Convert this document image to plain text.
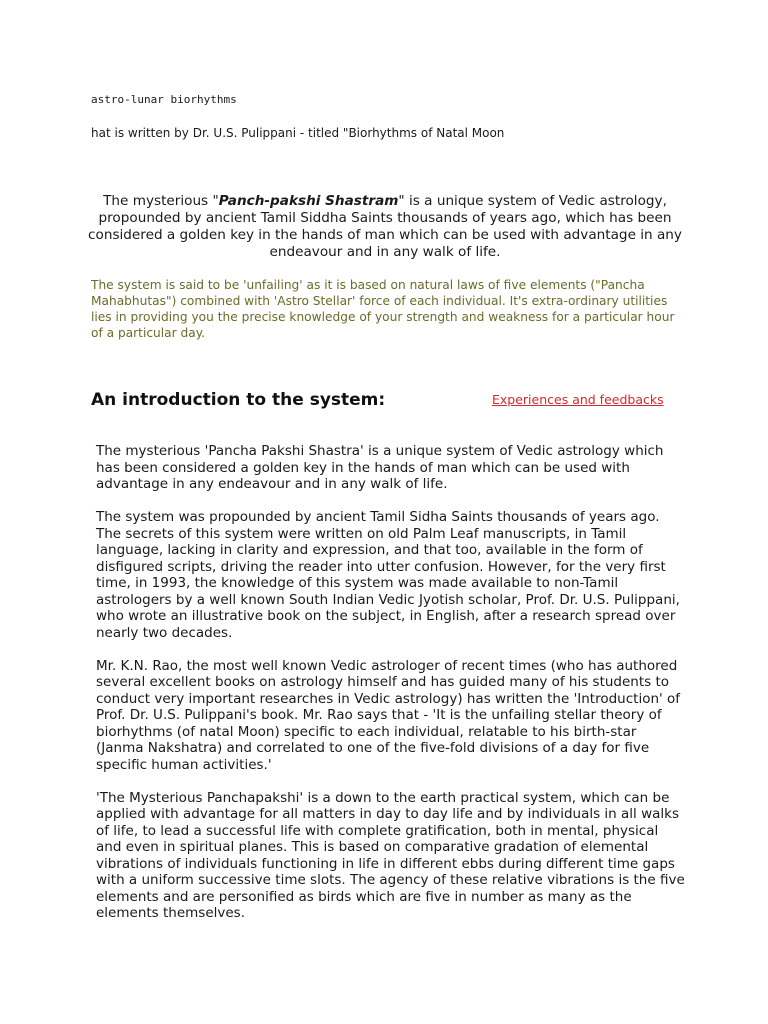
astro-lunar biorhythms
hat is written by Dr. U.S. Pulippani - titled "Biorhythms of Natal Moon
The mysterious "Panch-pakshi Shastram" is a unique system of Vedic astrology, propounded by ancient Tamil Siddha Saints thousands of years ago, which has been considered a golden key in the hands of man which can be used with advantage in any endeavour and in any walk of life.
The system is said to be 'unfailing' as it is based on natural laws of five elements ("Pancha Mahabhutas") combined with 'Astro Stellar' force of each individual. It's extra-ordinary utilities lies in providing you the precise knowledge of your strength and weakness for a particular hour of a particular day.
An introduction to the system:	Experiences and feedbacks

The mysterious 'Pancha Pakshi Shastra' is a unique system of Vedic astrology which has been considered a golden key in the hands of man which can be used with advantage in any endeavour and in any walk of life.

The system was propounded by ancient Tamil Sidha Saints thousands of years ago. The secrets of this system were written on old Palm Leaf manuscripts, in Tamil language, lacking in clarity and expression, and that too, available in the form of disfigured scripts, driving the reader into utter confusion. However, for the very first time, in 1993, the knowledge of this system was made available to non-Tamil astrologers by a well known South Indian Vedic Jyotish scholar, Prof. Dr. U.S. Pulippani, who wrote an illustrative book on the subject, in English, after a research spread over nearly two decades.

Mr. K.N. Rao, the most well known Vedic astrologer of recent times (who has authored several excellent books on astrology himself and has guided many of his students to conduct very important researches in Vedic astrology) has written the 'Introduction' of Prof. Dr. U.S. Pulippani's book. Mr. Rao says that - 'It is the unfailing stellar theory of biorhythms (of natal Moon) specific to each individual, relatable to his birth-star (Janma Nakshatra) and correlated to one of the five-fold divisions of a day for five specific human activities.'

'The Mysterious Panchapakshi' is a down to the earth practical system, which can be applied with advantage for all matters in day to day life and by individuals in all walks of life, to lead a successful life with complete gratification, both in mental, physical and even in spiritual planes. This is based on comparative gradation of elemental vibrations of individuals functioning in life in different ebbs during different time gaps with a uniform successive time slots. The agency of these relative vibrations is the five elements and are personified as birds which are five in number as many as the elements themselves.
